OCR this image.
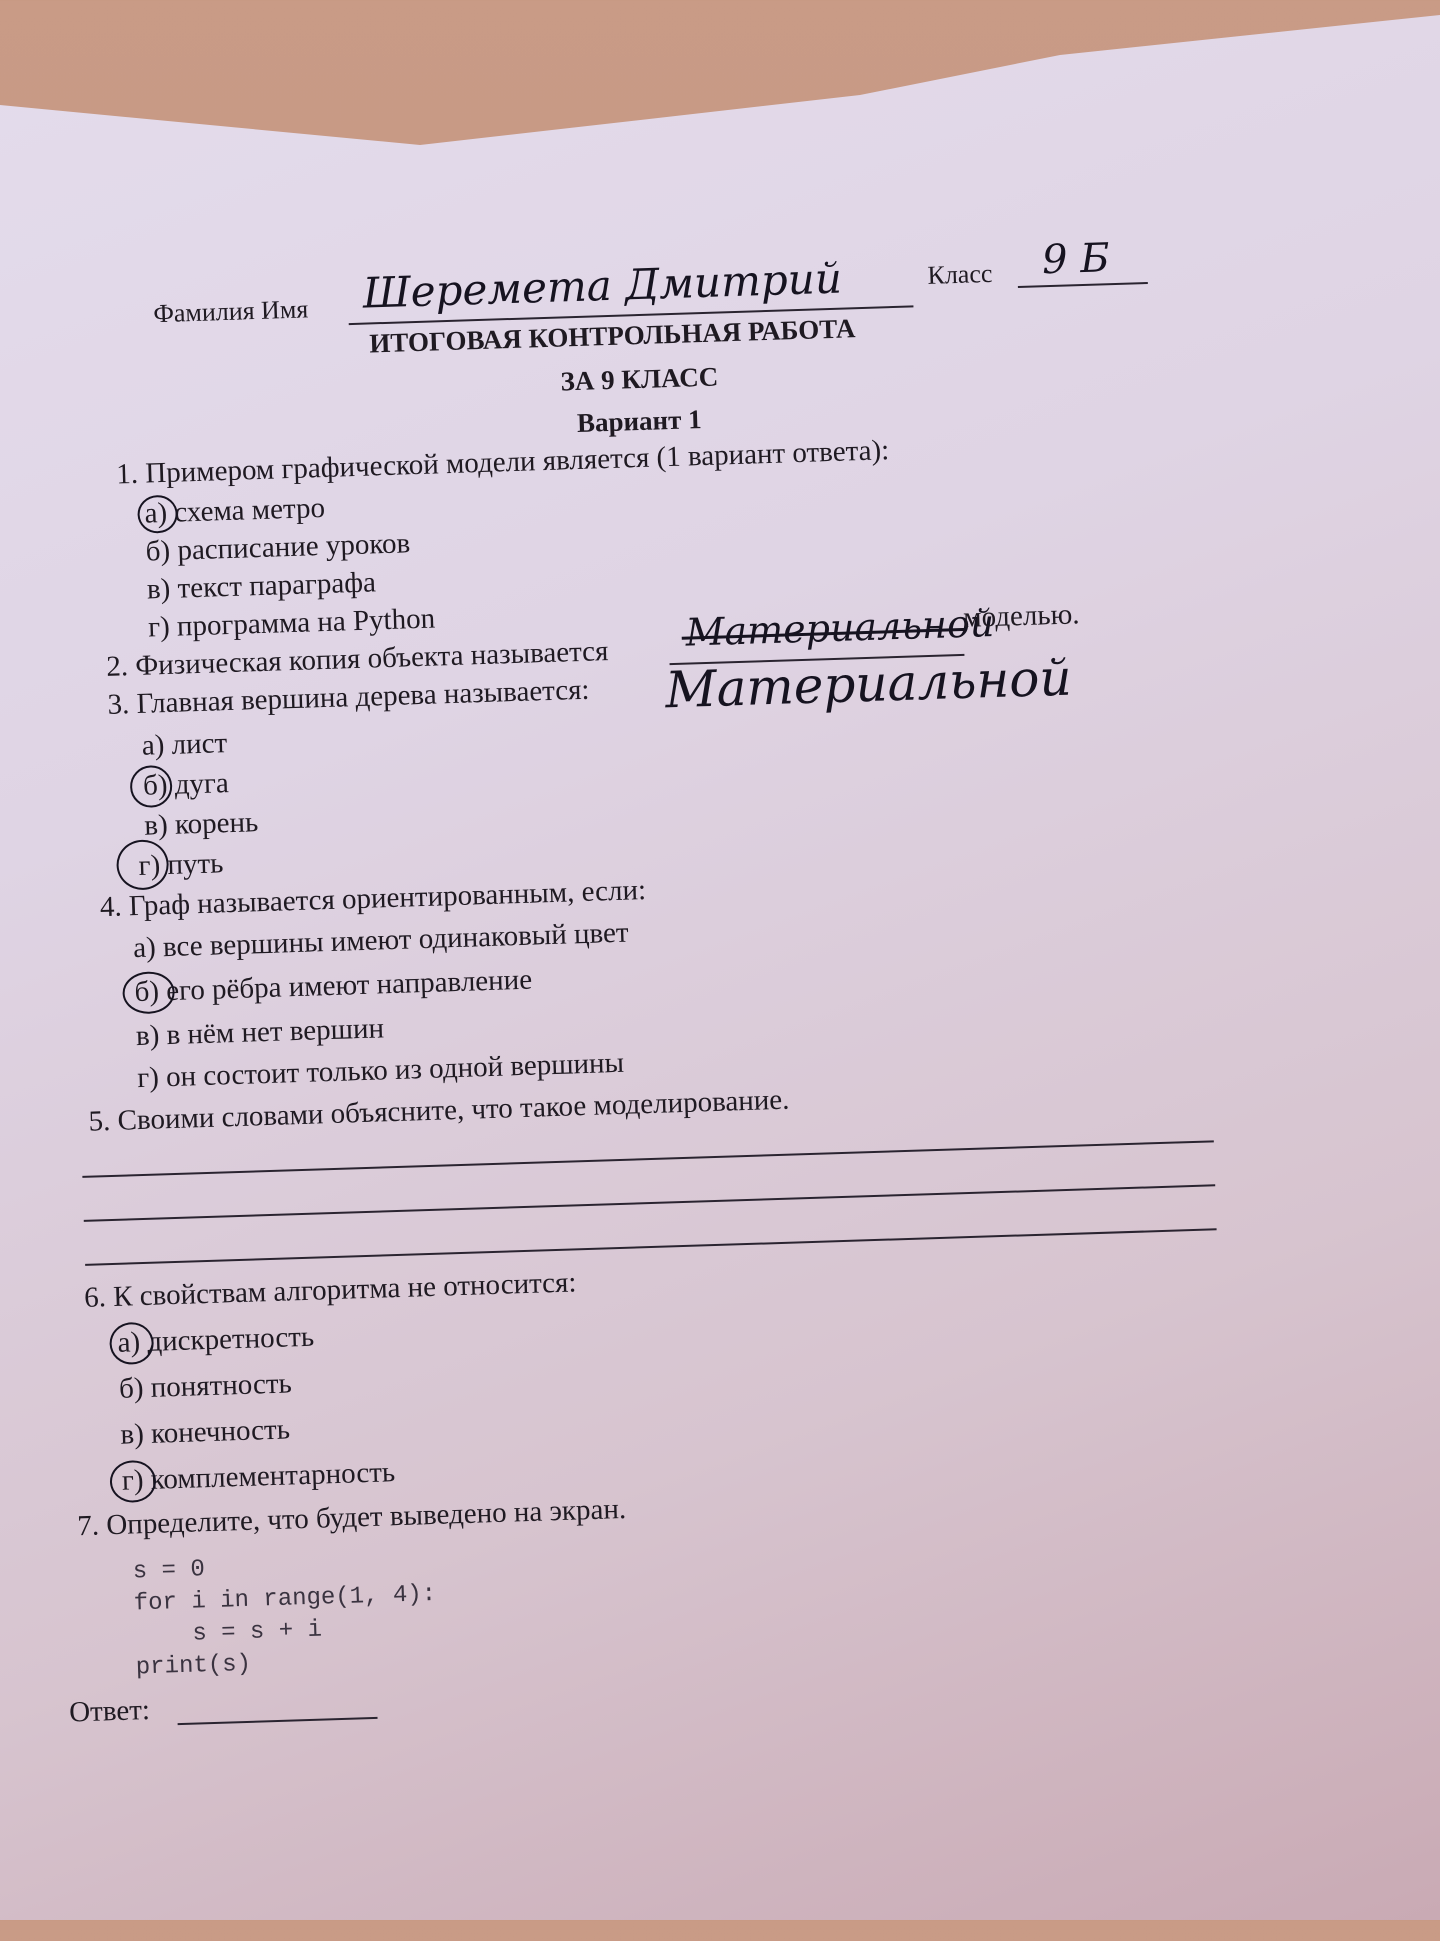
Фамилия Имя Шереметa Дмитрий	Класс 9 Б
ИТОГОВАЯ КОНТРОЛЬНАЯ РАБОТА
ЗА 9 КЛАСС
Вариант 1
1. Примером графической модели является (1 вариант ответа):
а) схема метро
б) расписание уроков
в) текст параграфа
г) программа на Python
2. Физическая копия объекта называется
Материальной
моделью.
Материальной
3. Главная вершина дерева называется:
а) лист
б) дуга
в) корень
г) путь
4. Граф называется ориентированным, если:
а) все вершины имеют одинаковый цвет
б) его рёбра имеют направление
в) в нём нет вершин
г) он состоит только из одной вершины
5. Своими словами объясните, что такое моделирование.
6. К свойствам алгоритма не относится:
а) дискретность
б) понятность
в) конечность
г) комплементарность
7. Определите, что будет выведено на экран.
s = 0
for i in range(1, 4):
s = s + i
print(s)
Ответ:
